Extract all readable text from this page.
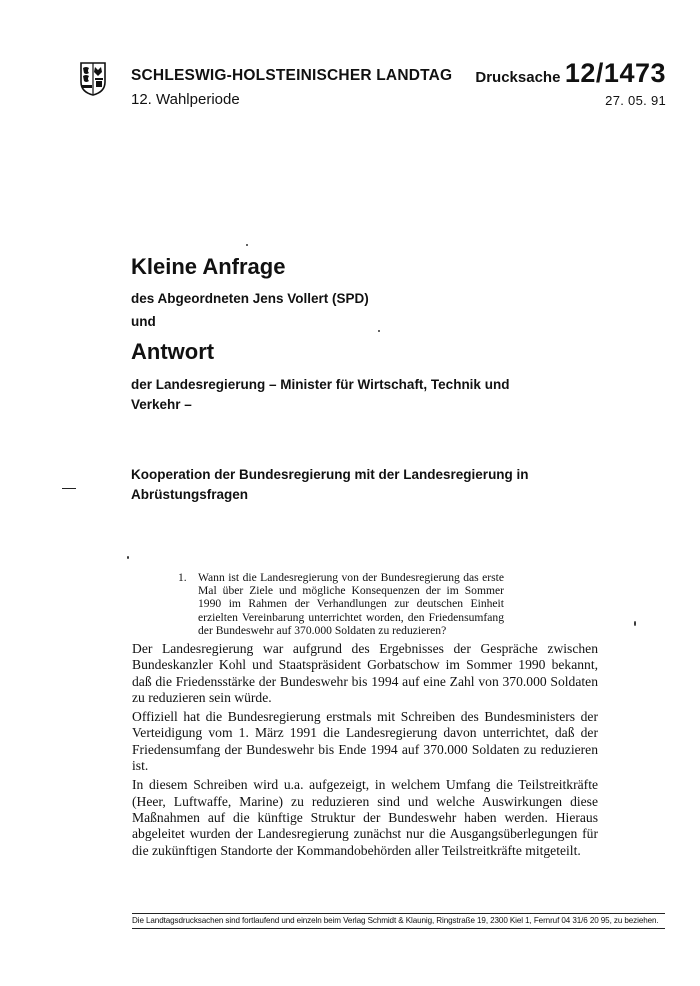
SCHLESWIG-HOLSTEINISCHER LANDTAG
12. Wahlperiode
Drucksache 12/1473
27. 05. 91
Kleine Anfrage
des Abgeordneten Jens Vollert (SPD)
und
Antwort
der Landesregierung – Minister für Wirtschaft, Technik und Verkehr –
Kooperation der Bundesregierung mit der Landesregierung in Abrüstungsfragen
1. Wann ist die Landesregierung von der Bundesregierung das erste Mal über Ziele und mögliche Konsequenzen der im Sommer 1990 im Rahmen der Verhandlungen zur deutschen Einheit erzielten Vereinbarung unterrichtet worden, den Friedensumfang der Bundeswehr auf 370.000 Soldaten zu reduzieren?

Der Landesregierung war aufgrund des Ergebnisses der Gespräche zwischen Bundeskanzler Kohl und Staatspräsident Gorbatschow im Sommer 1990 bekannt, daß die Friedensstärke der Bundeswehr bis 1994 auf eine Zahl von 370.000 Soldaten zu reduzieren sein würde.

Offiziell hat die Bundesregierung erstmals mit Schreiben des Bundesministers der Verteidigung vom 1. März 1991 die Landesregierung davon unterrichtet, daß der Friedensumfang der Bundeswehr bis Ende 1994 auf 370.000 Soldaten zu reduzieren ist.

In diesem Schreiben wird u.a. aufgezeigt, in welchem Umfang die Teilstreitkräfte (Heer, Luftwaffe, Marine) zu reduzieren sind und welche Auswirkungen diese Maßnahmen auf die künftige Struktur der Bundeswehr haben werden. Hieraus abgeleitet wurden der Landesregierung zunächst nur die Ausgangsüberlegungen für die zukünftigen Standorte der Kommandobehörden aller Teilstreitkräfte mitgeteilt.

Die Landtagsdrucksachen sind fortlaufend und einzeln beim Verlag Schmidt & Klaunig, Ringstraße 19, 2300 Kiel 1, Fernruf 04 31/6 20 95, zu beziehen.
